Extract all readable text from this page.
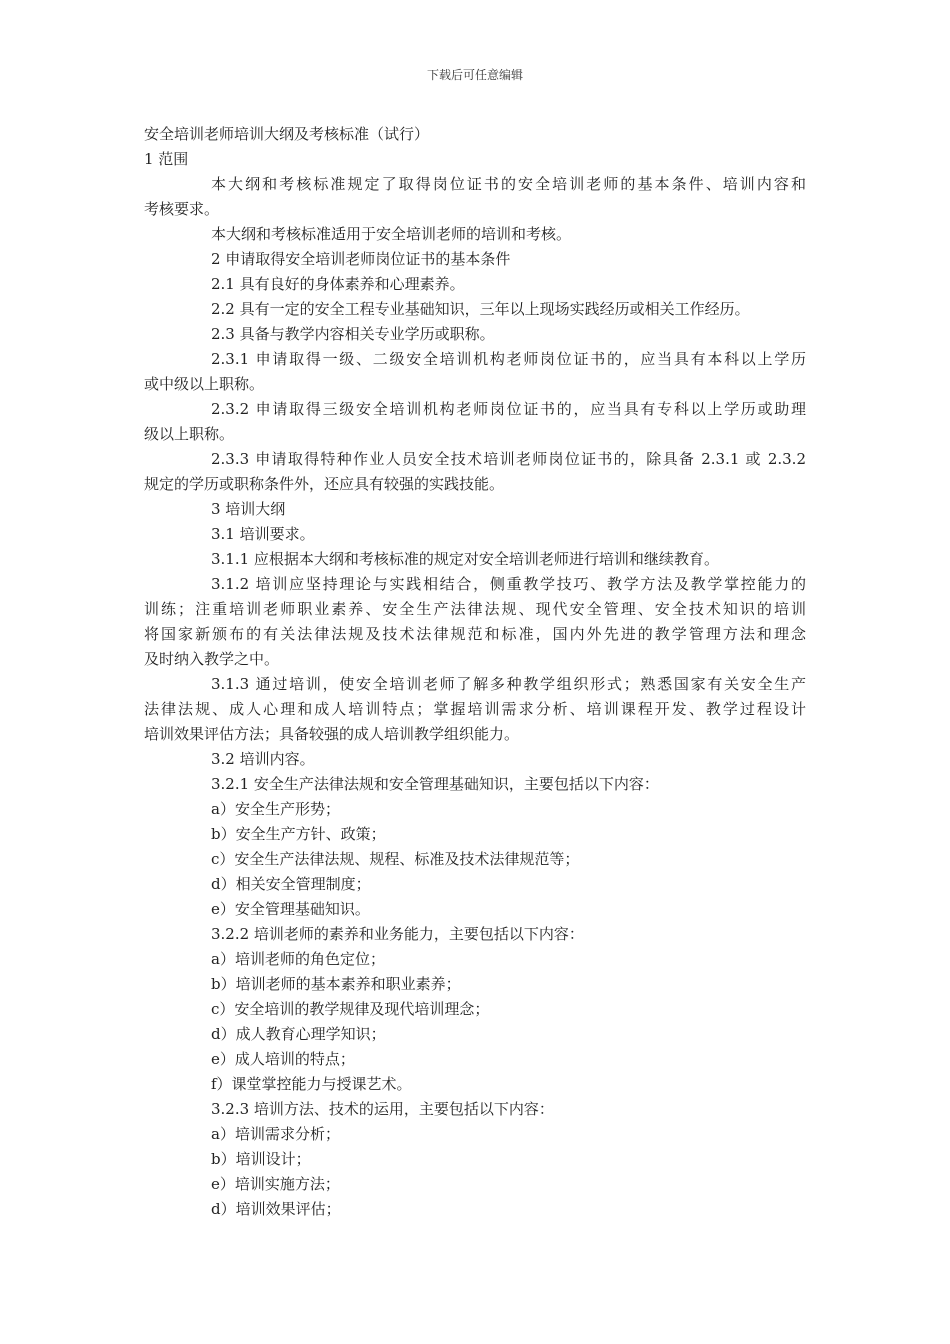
下载后可任意编辑
安全培训老师培训大纲及考核标准（试行）
1 范围
本大纲和考核标准规定了取得岗位证书的安全培训老师的基本条件、培训内容和
考核要求。
本大纲和考核标准适用于安全培训老师的培训和考核。
2 申请取得安全培训老师岗位证书的基本条件
2.1 具有良好的身体素养和心理素养。
2.2 具有一定的安全工程专业基础知识，三年以上现场实践经历或相关工作经历。
2.3 具备与教学内容相关专业学历或职称。
2.3.1 申请取得一级、二级安全培训机构老师岗位证书的，应当具有本科以上学历
或中级以上职称。
2.3.2 申请取得三级安全培训机构老师岗位证书的，应当具有专科以上学历或助理
级以上职称。
2.3.3 申请取得特种作业人员安全技术培训老师岗位证书的，除具备 2.3.1 或 2.3.2
规定的学历或职称条件外，还应具有较强的实践技能。
3 培训大纲
3.1 培训要求。
3.1.1 应根据本大纲和考核标准的规定对安全培训老师进行培训和继续教育。
3.1.2 培训应坚持理论与实践相结合，侧重教学技巧、教学方法及教学掌控能力的
训练；注重培训老师职业素养、安全生产法律法规、现代安全管理、安全技术知识的培训
将国家新颁布的有关法律法规及技术法律规范和标准，国内外先进的教学管理方法和理念
及时纳入教学之中。
3.1.3 通过培训，使安全培训老师了解多种教学组织形式；熟悉国家有关安全生产
法律法规、成人心理和成人培训特点；掌握培训需求分析、培训课程开发、教学过程设计
培训效果评估方法；具备较强的成人培训教学组织能力。
3.2 培训内容。
3.2.1 安全生产法律法规和安全管理基础知识，主要包括以下内容：
a）安全生产形势；
b）安全生产方针、政策；
c）安全生产法律法规、规程、标准及技术法律规范等；
d）相关安全管理制度；
e）安全管理基础知识。
3.2.2 培训老师的素养和业务能力，主要包括以下内容：
a）培训老师的角色定位；
b）培训老师的基本素养和职业素养；
c）安全培训的教学规律及现代培训理念；
d）成人教育心理学知识；
e）成人培训的特点；
f）课堂掌控能力与授课艺术。
3.2.3 培训方法、技术的运用，主要包括以下内容：
a）培训需求分析；
b）培训设计；
e）培训实施方法；
d）培训效果评估；
